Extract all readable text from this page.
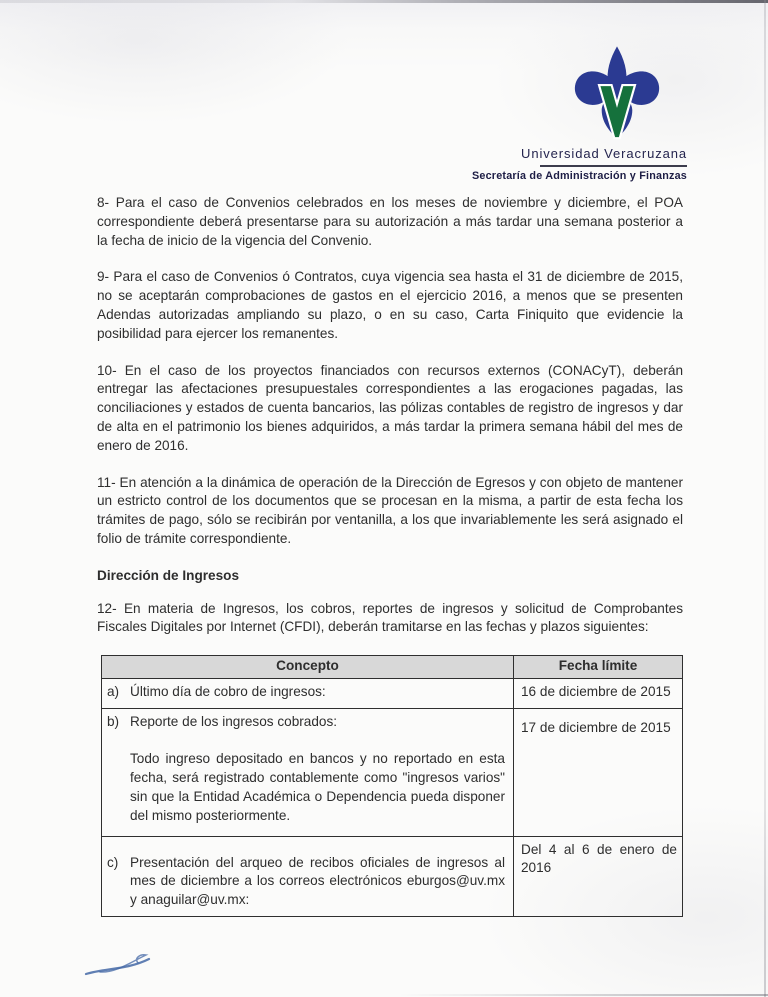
Universidad Veracruzana
Secretaría de Administración y Finanzas

8- Para el caso de Convenios celebrados en los meses de noviembre y diciembre, el POA correspondiente deberá presentarse para su autorización a más tardar una semana posterior a la fecha de inicio de la vigencia del Convenio.

9- Para el caso de Convenios ó Contratos, cuya vigencia sea hasta el 31 de diciembre de 2015, no se aceptarán comprobaciones de gastos en el ejercicio 2016, a menos que se presenten Adendas autorizadas ampliando su plazo, o en su caso, Carta Finiquito que evidencie la posibilidad para ejercer los remanentes.

10- En el caso de los proyectos financiados con recursos externos (CONACyT), deberán entregar las afectaciones presupuestales correspondientes a las erogaciones pagadas, las conciliaciones y estados de cuenta bancarios, las pólizas contables de registro de ingresos y dar de alta en el patrimonio los bienes adquiridos, a más tardar la primera semana hábil del mes de enero de 2016.

11- En atención a la dinámica de operación de la Dirección de Egresos y con objeto de mantener un estricto control de los documentos que se procesan en la misma, a partir de esta fecha los trámites de pago, sólo se recibirán por ventanilla, a los que invariablemente les será asignado el folio de trámite correspondiente.

Dirección de Ingresos

12- En materia de Ingresos, los cobros, reportes de ingresos y solicitud de Comprobantes Fiscales Digitales por Internet (CFDI), deberán tramitarse en las fechas y plazos siguientes:

Concepto	Fecha límite

a) Último día de cobro de ingresos:	16 de diciembre de 2015

b) Reporte de los ingresos cobrados:
Todo ingreso depositado en bancos y no reportado en esta fecha, será registrado contablemente como "ingresos varios" sin que la Entidad Académica o Dependencia pueda disponer del mismo posteriormente.	17 de diciembre de 2015

c) Presentación del arqueo de recibos oficiales de ingresos al mes de diciembre a los correos electrónicos eburgos@uv.mx y anaguilar@uv.mx:	Del 4 al 6 de enero de 2016
